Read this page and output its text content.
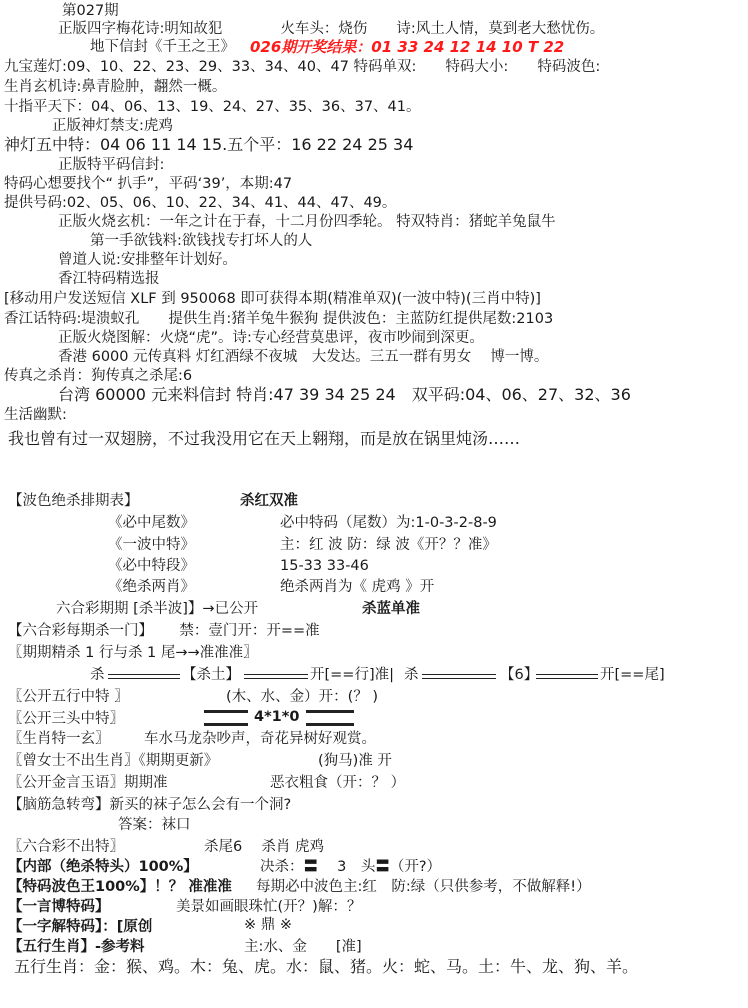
第027期
正版四字梅花诗:明知故犯　　　　火车头：烧伤　　诗:风土人情，莫到老大愁忧伤。
地下信封《千王之王》 026期开奖结果：01 33 24 12 14 10 T 22
九宝莲灯:09、10、22、23、29、33、34、40、47 特码单双:　　特码大小:　　特码波色:
生肖玄机诗:鼻青脸肿，翿然一概。
十指平天下：04、06、13、19、24、27、35、36、37、41。
正版神灯禁支:虎鸡
神灯五中特：04 06 11 14 15.五个平：16 22 24 25 34
正版特平码信封:
特码心想要找个“ 扒手”，平码‘39’，本期:47
提供号码:02、05、06、10、22、34、41、44、47、49。
正版火烧玄机：一年之计在于春，十二月份四季轮。 特双特肖：猪蛇羊兔鼠牛
第一手欲钱料:欲钱找专打坏人的人
曾道人说:安排整年计划好。
香江特码精选报
[移动用户发送短信 XLF 到 950068 即可获得本期(精准单双)(一波中特)(三肖中特)]
香江话特码:堤溃蚁孔　　提供生肖:猪羊兔牛猴狗 提供波色：主蓝防红提供尾数:2103
正版火烧图解：火烧“虎”。诗:专心经营莫患评，夜市吵闹到深更。
香港 6000 元传真料 灯红酒绿不夜城　大发达。三五一群有男女　 博一博。
传真之杀肖：狗传真之杀尾:6
台湾 60000 元来料信封 特肖:47 39 34 25 24　双平码:04、06、27、32、36
生活幽默:
我也曾有过一双翅膀，不过我没用它在天上翱翔，而是放在锅里炖汤……
【波色绝杀排期表】	杀红双准
《必中尾数》	必中特码（尾数）为:1-0-3-2-8-9
《一波中特》	主：红 波 防：绿 波《开？？准》
《必中特段》	15-33 33-46
《绝杀两肖》	绝杀两肖为《 虎鸡 》开
六合彩期期 [杀半波]】→已公开	杀蓝单准
【六合彩每期杀一门】　　 禁：壹门开：开==准
〖期期精杀 1 行与杀 1 尾→→准准准〗
杀	【杀土】	开[==行]准| 杀	【6】	开[==尾]
〖公开五行中特 〗	(木、水、金）开：(？ )
〖公开三头中特〗	4*1*0
〖生肖特一玄〗 车水马龙杂吵声，奇花异树好观赏。
〖曾女士不出生肖〗《期期更新》	(狗马)准 开
〖公开金言玉语〗期期准	恶衣粗食（开：？ ）
【脑筋急转弯】新买的袜子怎么会有一个洞?
答案：袜口
〖六合彩不出特〗	杀尾6　 杀肖 虎鸡
【内部（绝杀特头）100%】	决杀：〓　 3　头〓（开?）
【特码波色王100%】！？ 准准准 每期必中波色主:红　防:绿（只供参考，不做解释!）
【一言博特码】	美景如画眼珠忙(开？)解：？
【一字解特码】：[原创	※ 鼎 ※
【五行生肖】-参考料	主:水、金　　[准]
五行生肖：金：猴、鸡。木：兔、虎。水：鼠、猪。火：蛇、马。土：牛、龙、狗、羊。
